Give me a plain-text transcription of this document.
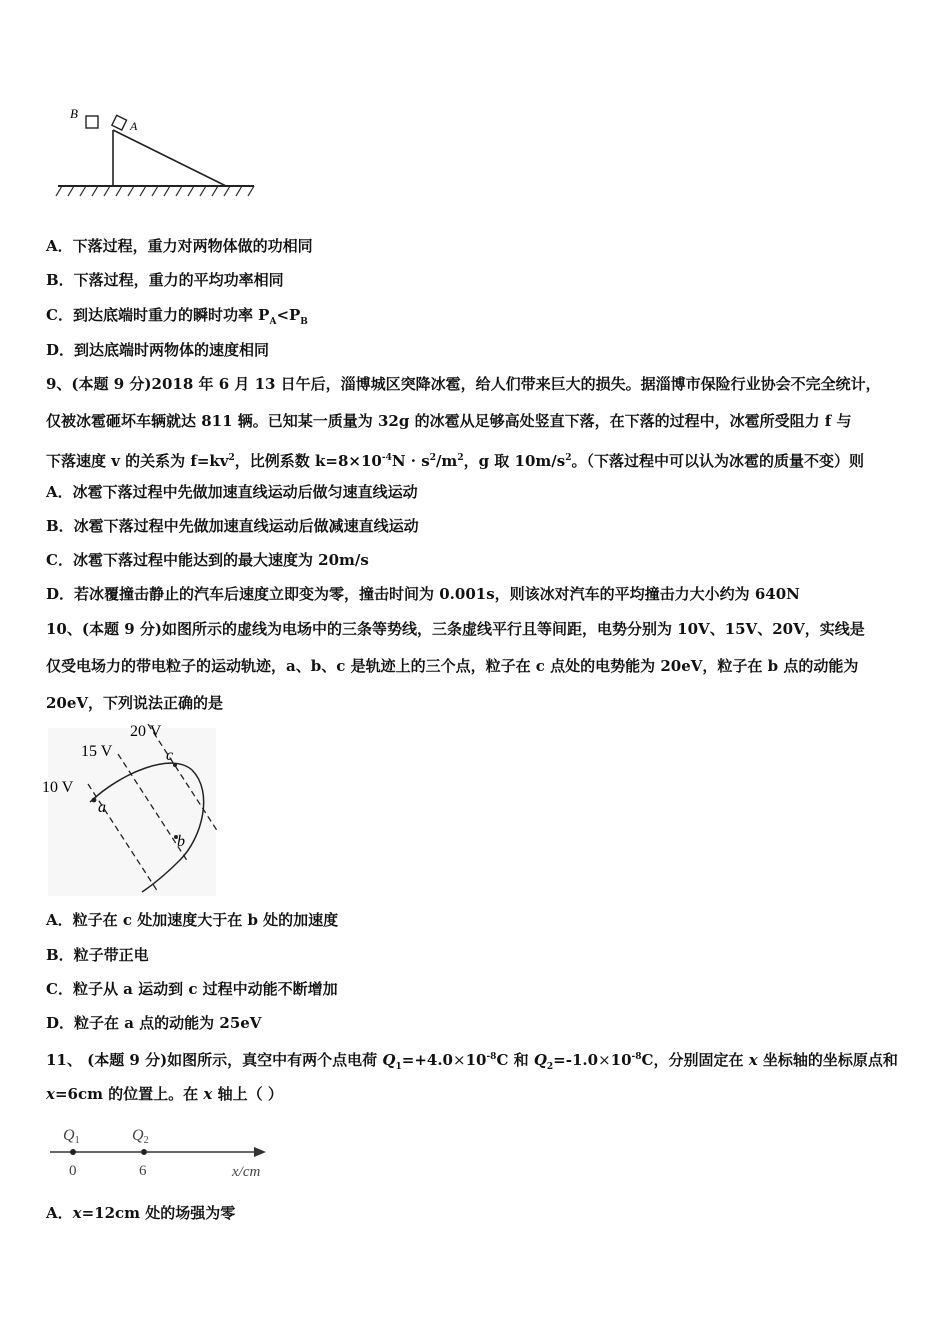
B
A
A．下落过程，重力对两物体做的功相同
B．下落过程，重力的平均功率相同
C．到达底端时重力的瞬时功率 $P_A<P_B$
D．到达底端时两物体的速度相同
9、(本题 9 分)2018 年 6 月 13 日午后，淄博城区突降冰雹，给人们带来巨大的损失。据淄博市保险行业协会不完全统计，
仅被冰雹砸坏车辆就达 811 辆。已知某一质量为 32g 的冰雹从足够高处竖直下落，在下落的过程中，冰雹所受阻力 f 与
下落速度 v 的关系为 $f=kv^2$，比例系数 $k=8\times 10^{-4}N \cdot s^2/m^2$，g 取 $10m/s^2$。（下落过程中可以认为冰雹的质量不变）则
A．冰雹下落过程中先做加速直线运动后做匀速直线运动
B．冰雹下落过程中先做加速直线运动后做减速直线运动
C．冰雹下落过程中能达到的最大速度为 20m/s
D．若冰覆撞击静止的汽车后速度立即变为零，撞击时间为 0.001s，则该冰对汽车的平均撞击力大小约为 640N
10、(本题 9 分)如图所示的虚线为电场中的三条等势线，三条虚线平行且等间距，电势分别为 10V、15V、20V，实线是
仅受电场力的带电粒子的运动轨迹，a、b、c 是轨迹上的三个点，粒子在 c 点处的电势能为 20eV，粒子在 b 点的动能为
20eV，下列说法正确的是
20 V
15 V
10 V
a
c
b
A．粒子在 c 处加速度大于在 b 处的加速度
B．粒子带正电
C．粒子从 a 运动到 c 过程中动能不断增加
D．粒子在 a 点的动能为 25eV
11、 (本题 9 分)如图所示，真空中有两个点电荷 $Q_1=+4.0\times 10^{-8}C$ 和 $Q_2=-1.0\times 10^{-8}C$，分别固定在 x 坐标轴的坐标原点和
x=6cm 的位置上。在 x 轴上（ ）
Q1	Q2
0	6	x/cm
A．x=12cm 处的场强为零
